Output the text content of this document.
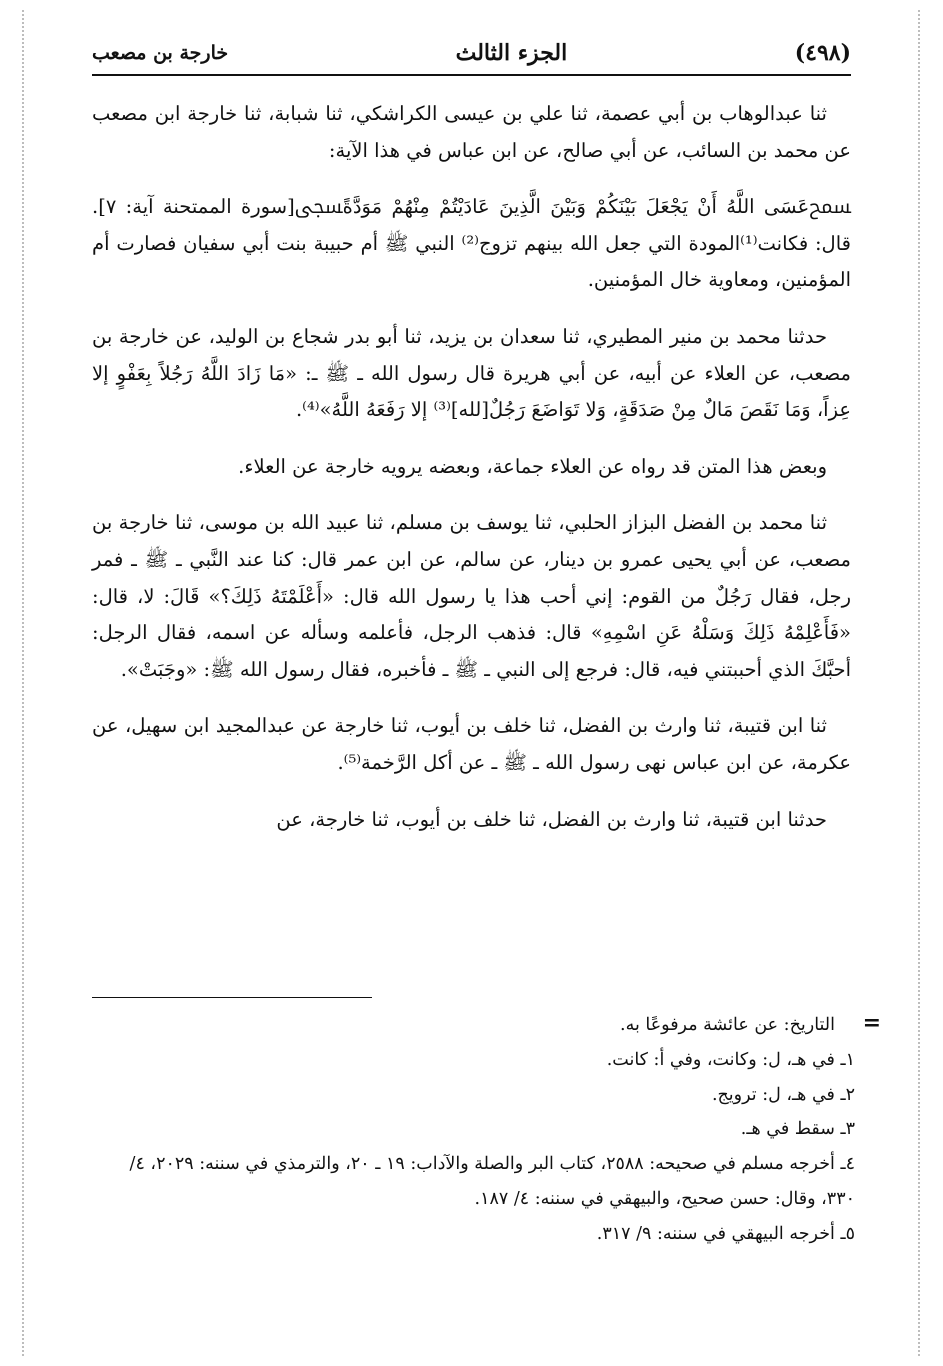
(٤٩٨)
الجزء الثالث
خارجة بن مصعب

ثنا عبدالوهاب بن أبي عصمة، ثنا علي بن عيسى الكراشكي، ثنا شبابة، ثنا خارجة ابن مصعب عن محمد بن السائب، عن أبي صالح، عن ابن عباس في هذا الآية:

ﵟعَسَى اللَّهُ أَنْ يَجْعَلَ بَيْنَكُمْ وَبَيْنَ الَّذِينَ عَادَيْتُمْ مِنْهُمْ مَوَدَّةًﵞ[سورة الممتحنة آية: ٧]. قال: فكانت⁽¹⁾المودة التي جعل الله بينهم تزوج⁽²⁾ النبي ﷺ أم حبيبة بنت أبي سفيان فصارت أم المؤمنين، ومعاوية خال المؤمنين.

حدثنا محمد بن منير المطيري، ثنا سعدان بن يزيد، ثنا أبو بدر شجاع بن الوليد، عن خارجة بن مصعب، عن العلاء عن أبيه، عن أبي هريرة قال رسول الله ـ ﷺ ـ: «مَا زَادَ اللَّهُ رَجُلاً بِعَفْوٍ إلا عِزاً، وَمَا نَقَصَ مَالٌ مِنْ صَدَقَةٍ، وَلا تَوَاضَعَ رَجُلٌ[لله]⁽³⁾ إلا رَفَعَهُ اللَّهُ»⁽⁴⁾.

وبعض هذا المتن قد رواه عن العلاء جماعة، وبعضه يرويه خارجة عن العلاء.

ثنا محمد بن الفضل البزاز الحلبي، ثنا يوسف بن مسلم، ثنا عبيد الله بن موسى، ثنا خارجة بن مصعب، عن أبي يحيى عمرو بن دينار، عن سالم، عن ابن عمر قال: كنا عند النَّبي ـ ﷺ ـ فمر رجل، فقال رَجُلٌ من القوم: إني أحب هذا يا رسول الله قال: «أَعْلَمْتَهُ ذَلِكَ؟» قَالَ: لا، قال: «فَأَعْلِمْهُ ذَلِكَ وَسَلْهُ عَنِ اسْمِهِ» قال: فذهب الرجل، فأعلمه وسأله عن اسمه، فقال الرجل: أحبَّكَ الذي أحببتني فيه، قال: فرجع إلى النبي ـ ﷺ ـ فأخبره، فقال رسول الله ﷺ: «وجَبَتْ».

ثنا ابن قتيبة، ثنا وارث بن الفضل، ثنا خلف بن أيوب، ثنا خارجة عن عبدالمجيد ابن سهيل، عن عكرمة، عن ابن عباس نهى رسول الله ـ ﷺ ـ عن أكل الرَّخمة⁽⁵⁾.

حدثنا ابن قتيبة، ثنا وارث بن الفضل، ثنا خلف بن أيوب، ثنا خارجة، عن

=

التاريخ: عن عائشة مرفوعًا به.

١ـ في هـ، ل: وكانت، وفي أ: كانت.

٢ـ في هـ، ل: ترويج.

٣ـ سقط في هـ.

٤ـ أخرجه مسلم في صحيحه: ٢٥٨٨، كتاب البر والصلة والآداب: ١٩ ـ ٢٠، والترمذي في سننه: ٢٠٢٩، ٤/ ٣٣٠، وقال: حسن صحيح، والبيهقي في سننه: ٤/ ١٨٧.

٥ـ أخرجه البيهقي في سننه: ٩/ ٣١٧.
